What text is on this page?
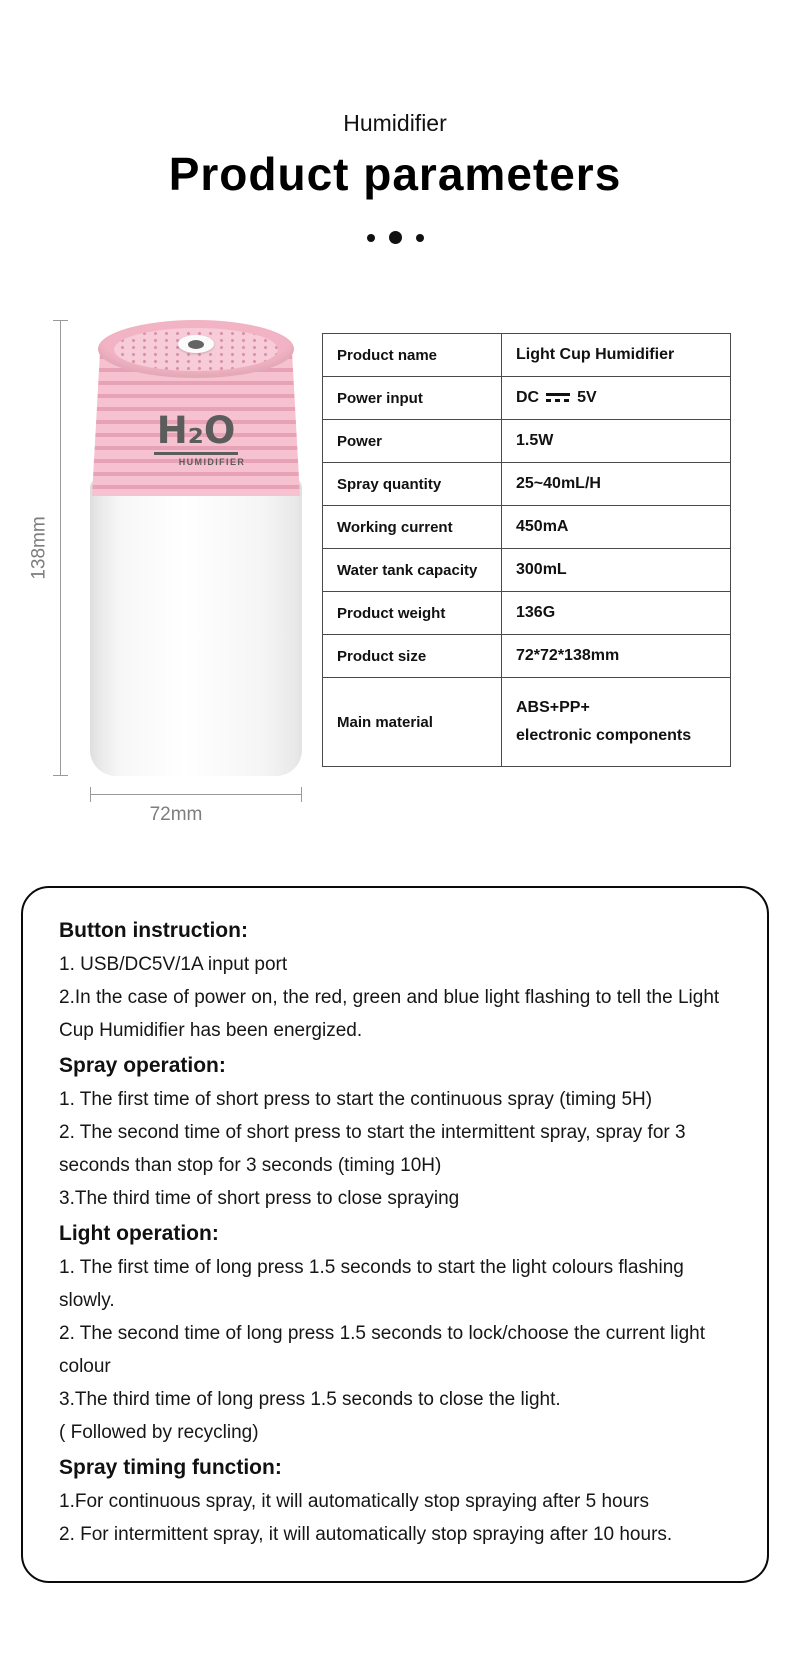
Humidifier
Product parameters
138mm
H₂O
HUMIDIFIER
72mm
Product name	Light Cup Humidifier
Power input	DC 5V
Power	1.5W
Spray quantity	25~40mL/H
Working current	450mA
Water tank capacity	300mL
Product weight	136G
Product size	72*72*138mm
Main material	ABS+PP+
electronic components
Button instruction:

1. USB/DC5V/1A input port

2.In the case of power on, the red, green and blue light flashing to tell the Light Cup Humidifier has been energized.

Spray operation:

1. The first time of short press to start the continuous spray (timing 5H)

2. The second time of short press to start the intermittent spray, spray for 3 seconds than stop for 3 seconds (timing 10H)

3.The third time of short press to close spraying

Light operation:

1. The first time of long press 1.5 seconds to start the light colours flashing slowly.

2. The second time of long press 1.5 seconds to lock/choose the current light colour

3.The third time of long press 1.5 seconds to close the light.

( Followed by recycling)

Spray timing function:

1.For continuous spray, it will automatically stop spraying after 5 hours

2. For intermittent spray, it will automatically stop spraying after 10 hours.
